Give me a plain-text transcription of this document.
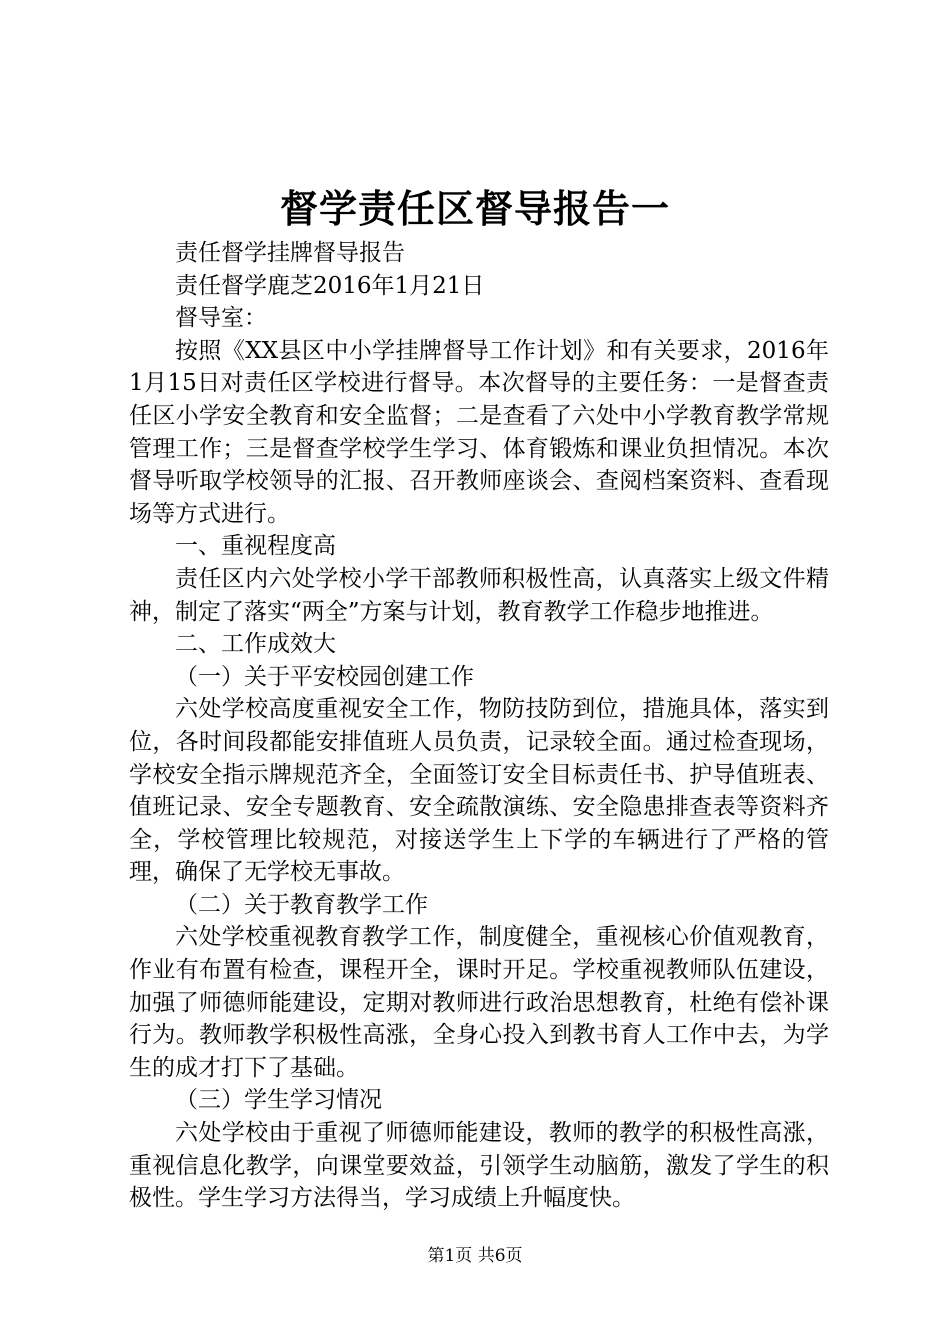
督学责任区督导报告一

责任督学挂牌督导报告

责任督学鹿芝2016年1月21日

督导室：

按照《XX县区中小学挂牌督导工作计划》和有关要求，2016年1月15日对责任区学校进行督导。本次督导的主要任务：一是督查责任区小学安全教育和安全监督；二是查看了六处中小学教育教学常规管理工作；三是督查学校学生学习、体育锻炼和课业负担情况。本次督导听取学校领导的汇报、召开教师座谈会、查阅档案资料、查看现场等方式进行。

一、重视程度高

责任区内六处学校小学干部教师积极性高，认真落实上级文件精神，制定了落实“两全”方案与计划，教育教学工作稳步地推进。

二、工作成效大

（一）关于平安校园创建工作

六处学校高度重视安全工作，物防技防到位，措施具体，落实到位，各时间段都能安排值班人员负责，记录较全面。通过检查现场，学校安全指示牌规范齐全，全面签订安全目标责任书、护导值班表、值班记录、安全专题教育、安全疏散演练、安全隐患排查表等资料齐全，学校管理比较规范，对接送学生上下学的车辆进行了严格的管理，确保了无学校无事故。

（二）关于教育教学工作

六处学校重视教育教学工作，制度健全，重视核心价值观教育，作业有布置有检查，课程开全，课时开足。学校重视教师队伍建设，加强了师德师能建设，定期对教师进行政治思想教育，杜绝有偿补课行为。教师教学积极性高涨，全身心投入到教书育人工作中去，为学生的成才打下了基础。

（三）学生学习情况

六处学校由于重视了师德师能建设，教师的教学的积极性高涨，重视信息化教学，向课堂要效益，引领学生动脑筋，激发了学生的积极性。学生学习方法得当，学习成绩上升幅度快。

第1页 共6页
